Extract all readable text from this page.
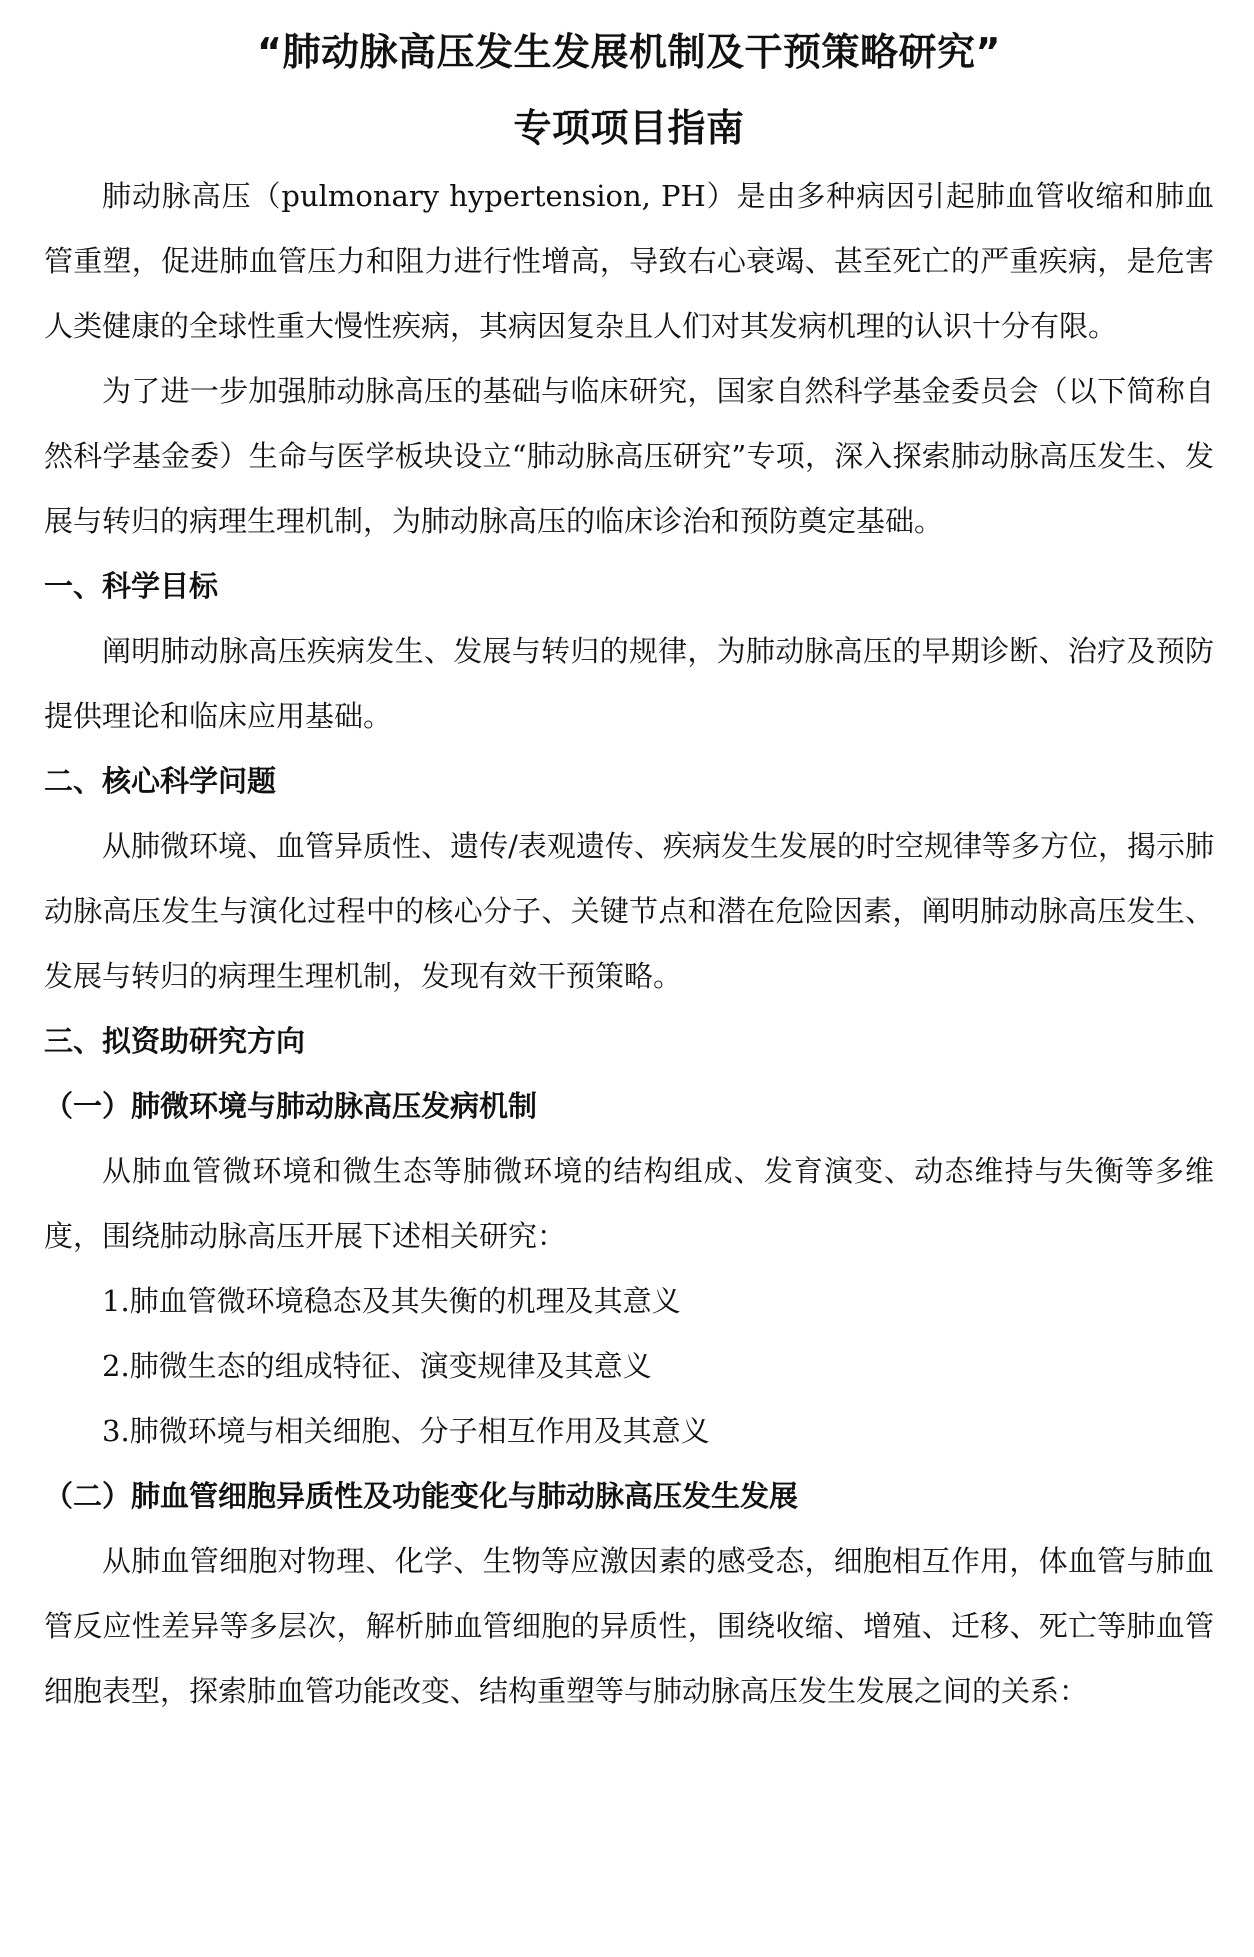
“肺动脉高压发生发展机制及干预策略研究”
专项项目指南

肺动脉高压（pulmonary hypertension, PH）是由多种病因引起肺血管收缩和肺血管重塑，促进肺血管压力和阻力进行性增高，导致右心衰竭、甚至死亡的严重疾病，是危害人类健康的全球性重大慢性疾病，其病因复杂且人们对其发病机理的认识十分有限。

为了进一步加强肺动脉高压的基础与临床研究，国家自然科学基金委员会（以下简称自然科学基金委）生命与医学板块设立“肺动脉高压研究”专项，深入探索肺动脉高压发生、发展与转归的病理生理机制，为肺动脉高压的临床诊治和预防奠定基础。

一、科学目标

阐明肺动脉高压疾病发生、发展与转归的规律，为肺动脉高压的早期诊断、治疗及预防提供理论和临床应用基础。

二、核心科学问题

从肺微环境、血管异质性、遗传/表观遗传、疾病发生发展的时空规律等多方位，揭示肺动脉高压发生与演化过程中的核心分子、关键节点和潜在危险因素，阐明肺动脉高压发生、发展与转归的病理生理机制，发现有效干预策略。

三、拟资助研究方向
（一）肺微环境与肺动脉高压发病机制

从肺血管微环境和微生态等肺微环境的结构组成、发育演变、动态维持与失衡等多维度，围绕肺动脉高压开展下述相关研究：

1.肺血管微环境稳态及其失衡的机理及其意义

2.肺微生态的组成特征、演变规律及其意义

3.肺微环境与相关细胞、分子相互作用及其意义

（二）肺血管细胞异质性及功能变化与肺动脉高压发生发展

从肺血管细胞对物理、化学、生物等应激因素的感受态，细胞相互作用，体血管与肺血管反应性差异等多层次，解析肺血管细胞的异质性，围绕收缩、增殖、迁移、死亡等肺血管细胞表型，探索肺血管功能改变、结构重塑等与肺动脉高压发生发展之间的关系：
